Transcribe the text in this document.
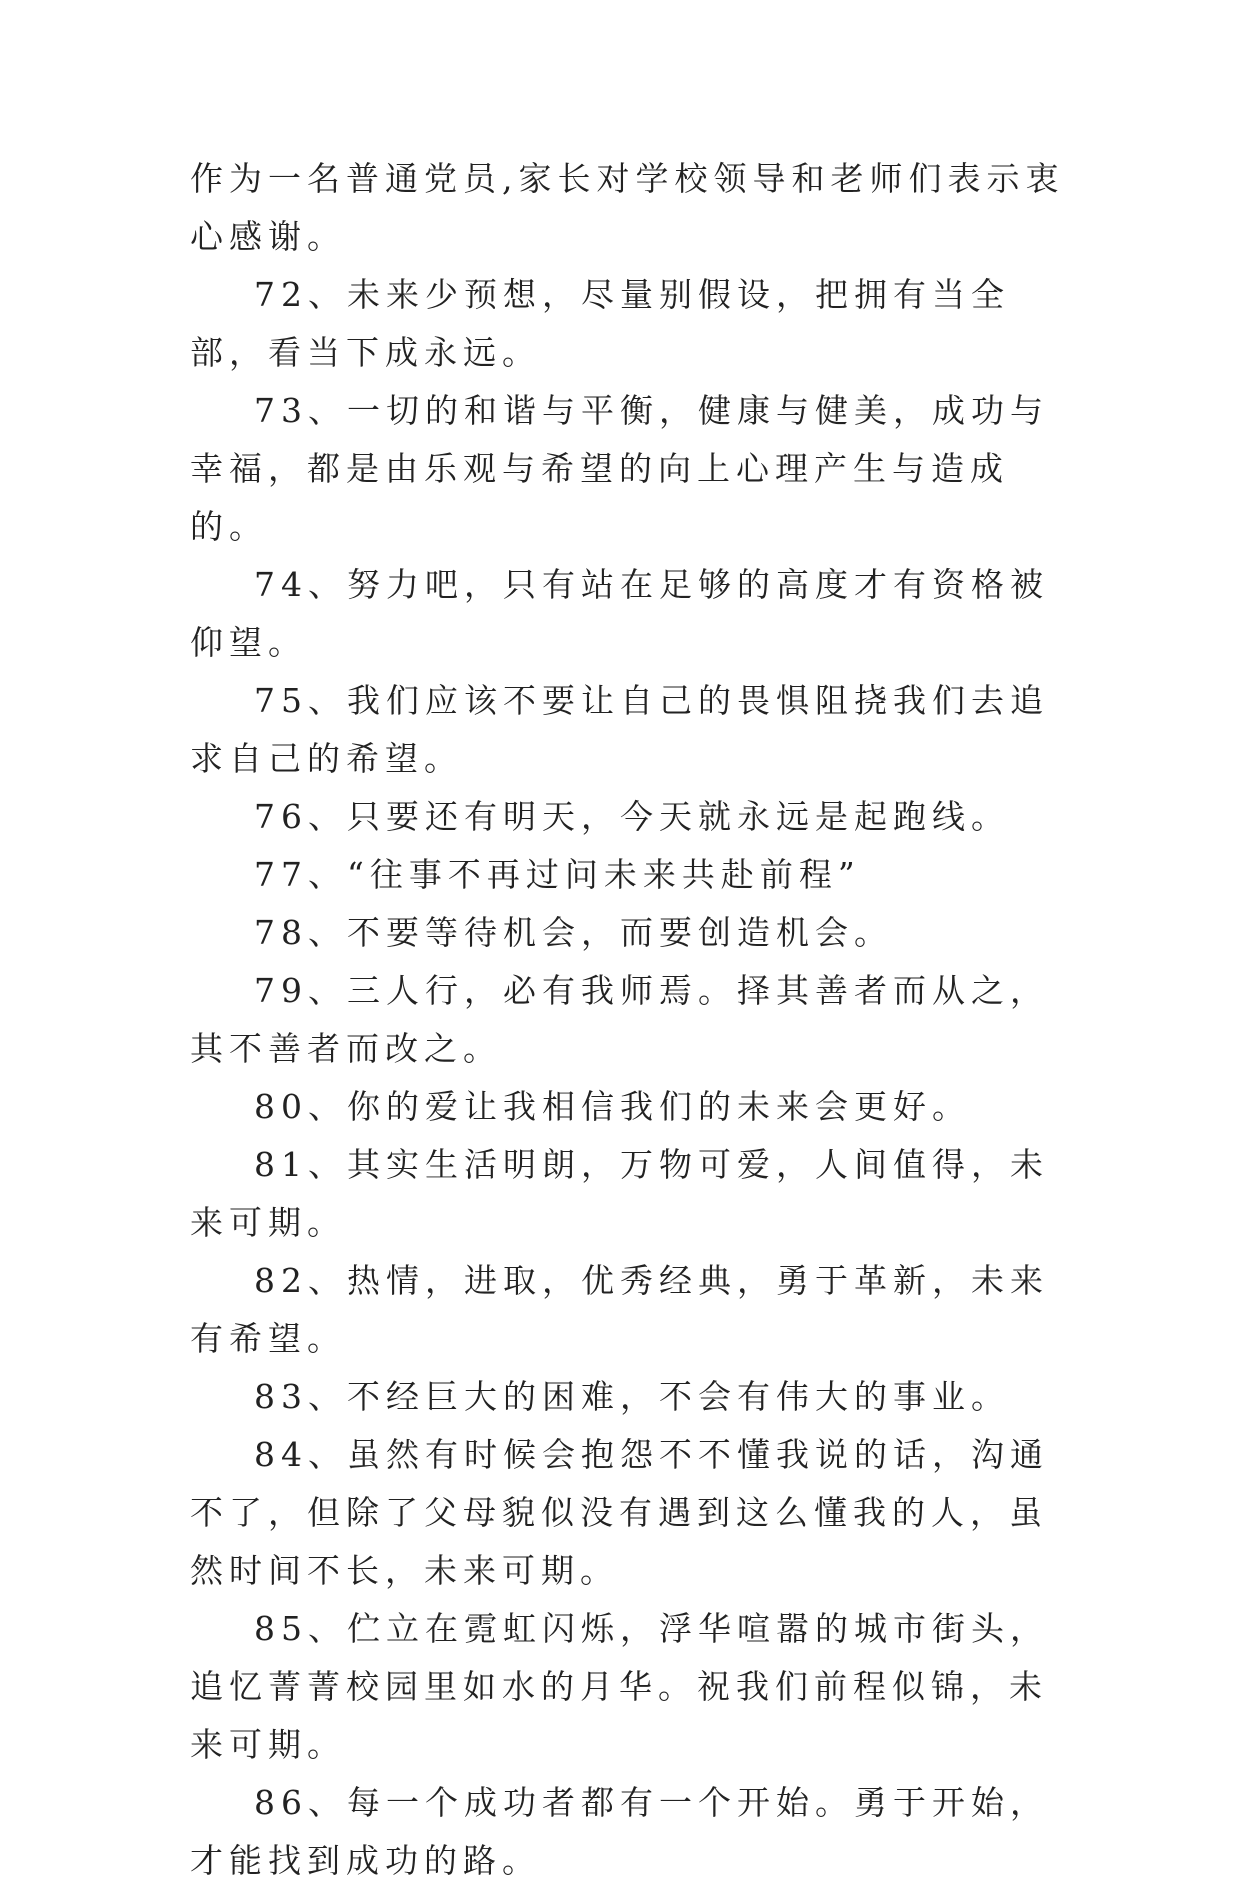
作为一名普通党员,家长对学校领导和老师们表示衷心感谢。

72、未来少预想，尽量别假设，把拥有当全部，看当下成永远。

73、一切的和谐与平衡，健康与健美，成功与幸福，都是由乐观与希望的向上心理产生与造成的。

74、努力吧，只有站在足够的高度才有资格被仰望。

75、我们应该不要让自己的畏惧阻挠我们去追求自己的希望。

76、只要还有明天，今天就永远是起跑线。

77、“往事不再过问未来共赴前程”

78、不要等待机会，而要创造机会。

79、三人行，必有我师焉。择其善者而从之，其不善者而改之。

80、你的爱让我相信我们的未来会更好。

81、其实生活明朗，万物可爱，人间值得，未来可期。

82、热情，进取，优秀经典，勇于革新，未来有希望。

83、不经巨大的困难，不会有伟大的事业。

84、虽然有时候会抱怨不不懂我说的话，沟通不了，但除了父母貌似没有遇到这么懂我的人，虽然时间不长，未来可期。

85、伫立在霓虹闪烁，浮华喧嚣的城市街头，追忆菁菁校园里如水的月华。祝我们前程似锦，未来可期。

86、每一个成功者都有一个开始。勇于开始，才能找到成功的路。
